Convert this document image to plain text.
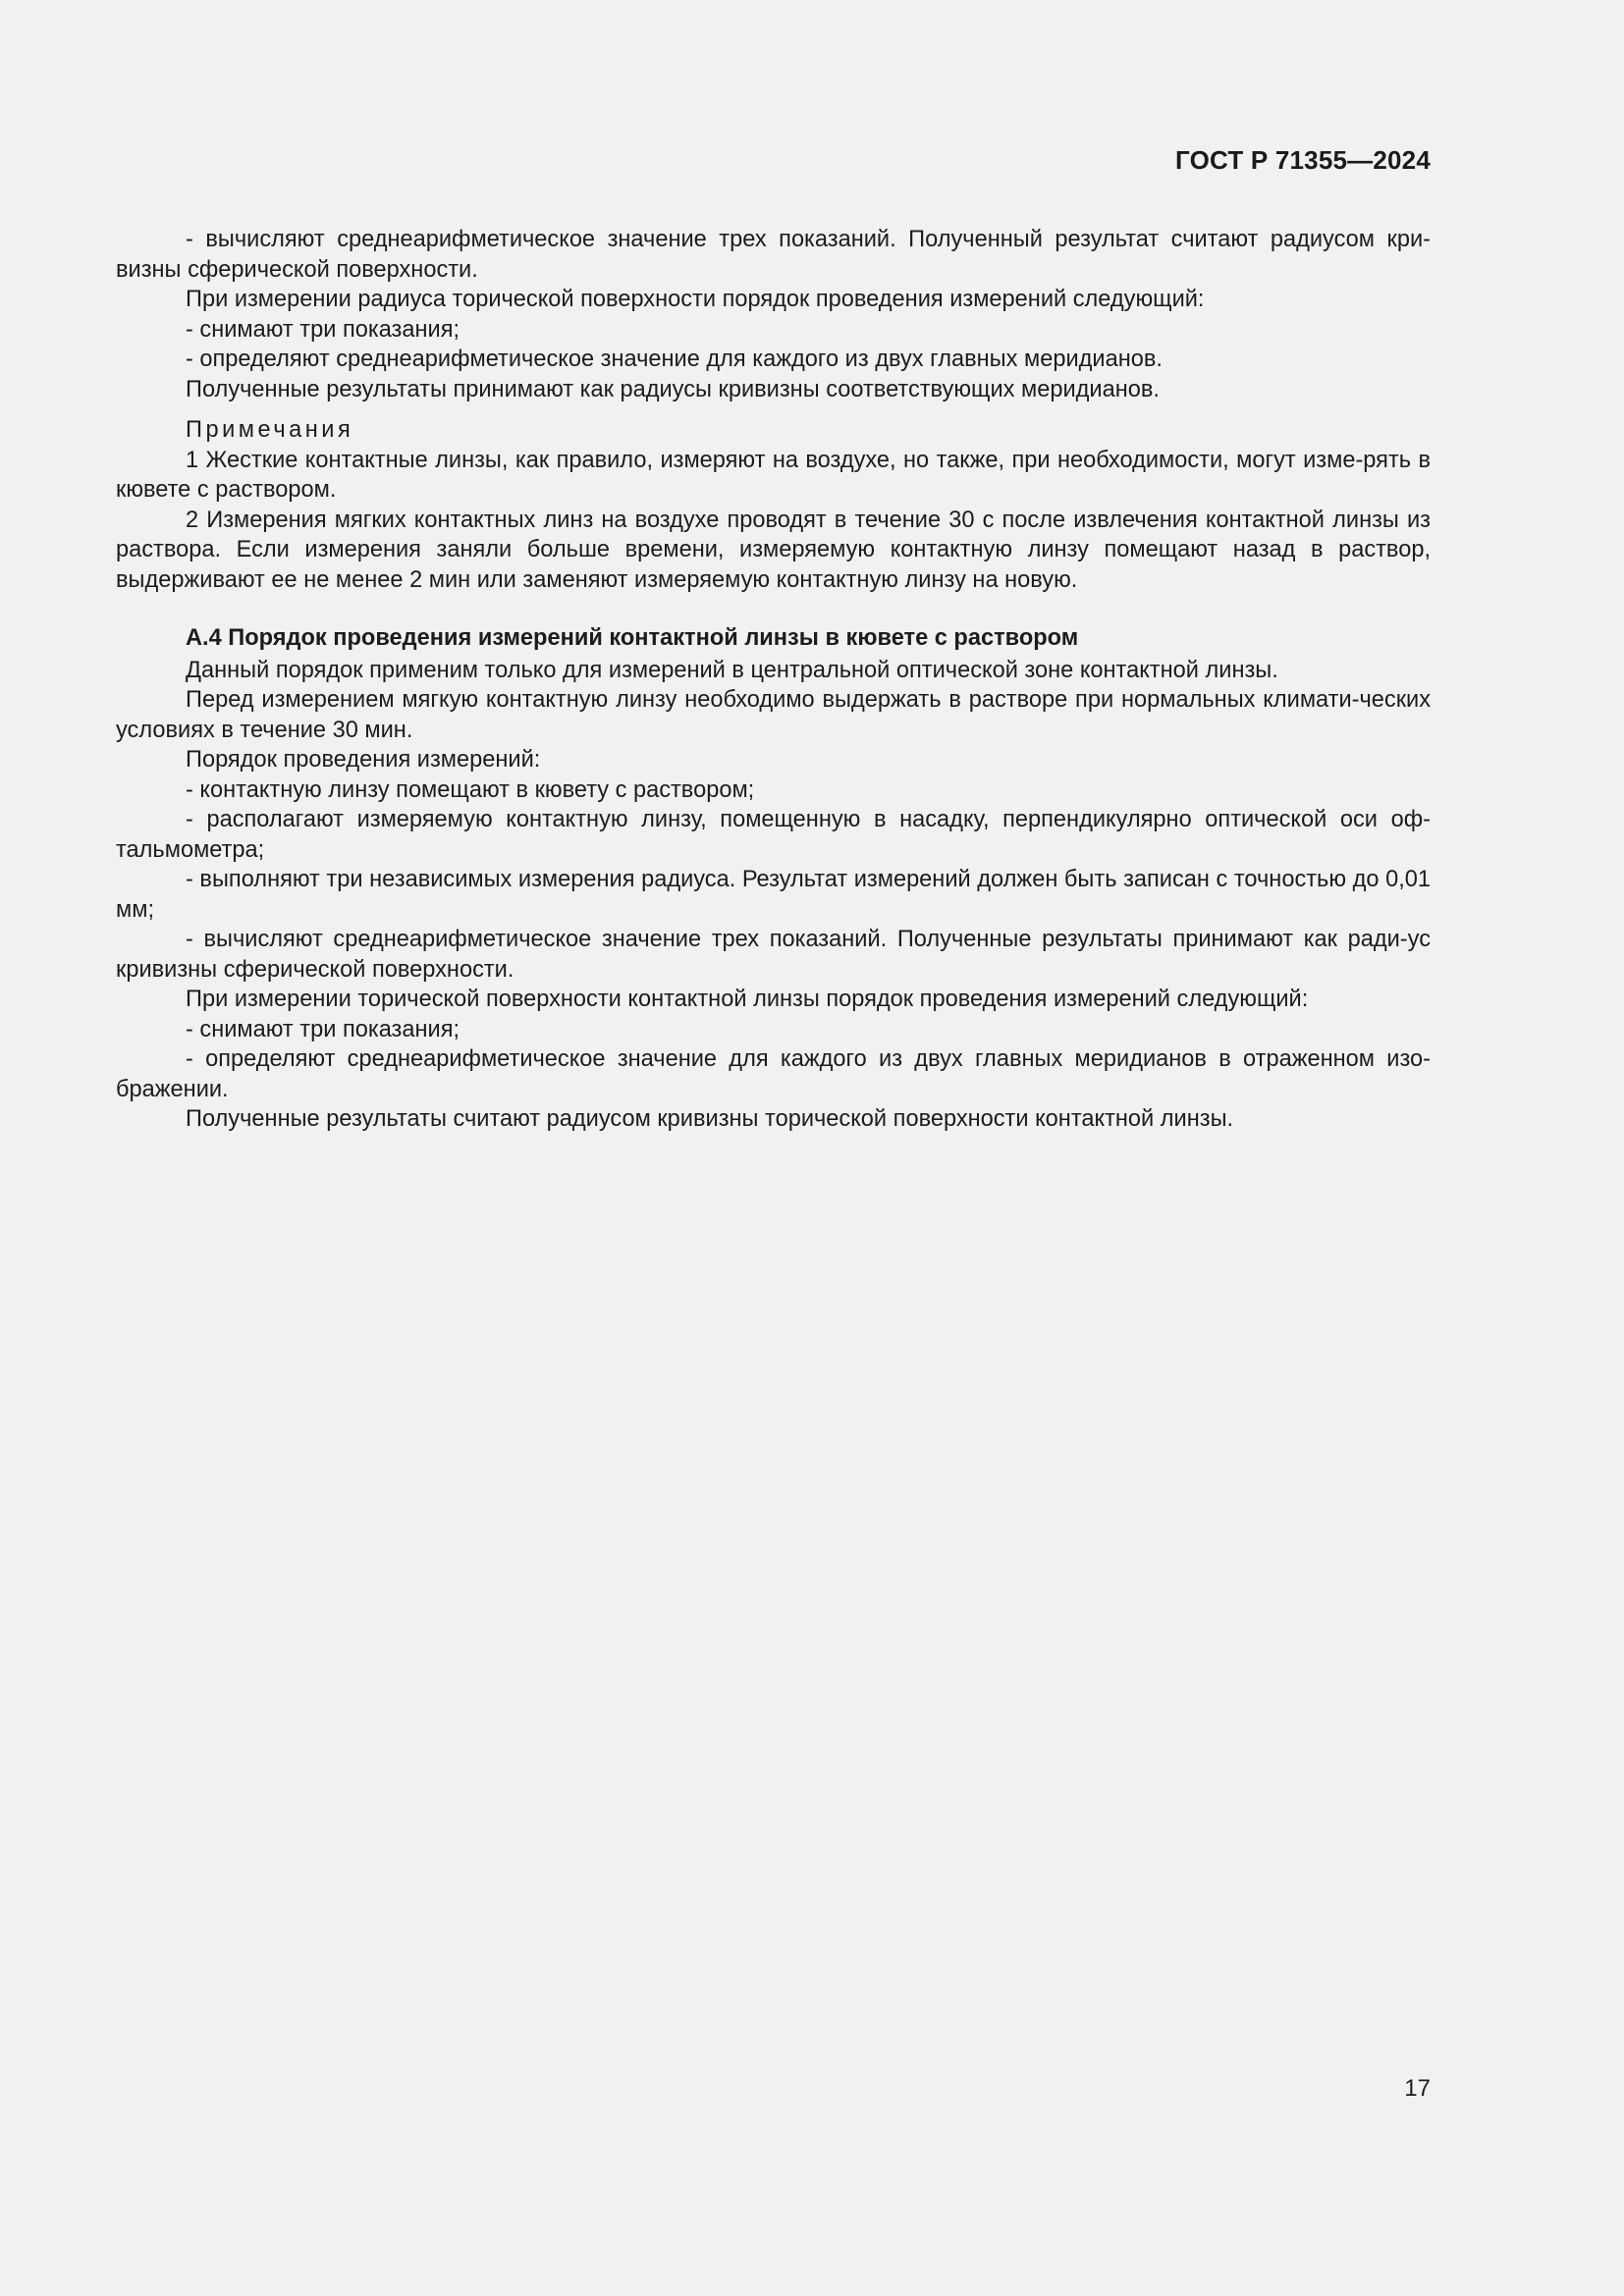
ГОСТ Р 71355—2024

- вычисляют среднеарифметическое значение трех показаний. Полученный результат считают радиусом кри-визны сферической поверхности.

При измерении радиуса торической поверхности порядок проведения измерений следующий:

- снимают три показания;

- определяют среднеарифметическое значение для каждого из двух главных меридианов.

Полученные результаты принимают как радиусы кривизны соответствующих меридианов.

Примечания

1 Жесткие контактные линзы, как правило, измеряют на воздухе, но также, при необходимости, могут изме-рять в кювете с раствором.

2 Измерения мягких контактных линз на воздухе проводят в течение 30 с после извлечения контактной линзы из раствора. Если измерения заняли больше времени, измеряемую контактную линзу помещают назад в раствор, выдерживают ее не менее 2 мин или заменяют измеряемую контактную линзу на новую.

А.4 Порядок проведения измерений контактной линзы в кювете с раствором

Данный порядок применим только для измерений в центральной оптической зоне контактной линзы.

Перед измерением мягкую контактную линзу необходимо выдержать в растворе при нормальных климати-ческих условиях в течение 30 мин.

Порядок проведения измерений:

- контактную линзу помещают в кювету с раствором;

- располагают измеряемую контактную линзу, помещенную в насадку, перпендикулярно оптической оси оф-тальмометра;

- выполняют три независимых измерения радиуса. Результат измерений должен быть записан с точностью до 0,01 мм;

- вычисляют среднеарифметическое значение трех показаний. Полученные результаты принимают как ради-ус кривизны сферической поверхности.

При измерении торической поверхности контактной линзы порядок проведения измерений следующий:

- снимают три показания;

- определяют среднеарифметическое значение для каждого из двух главных меридианов в отраженном изо-бражении.

Полученные результаты считают радиусом кривизны торической поверхности контактной линзы.

17
